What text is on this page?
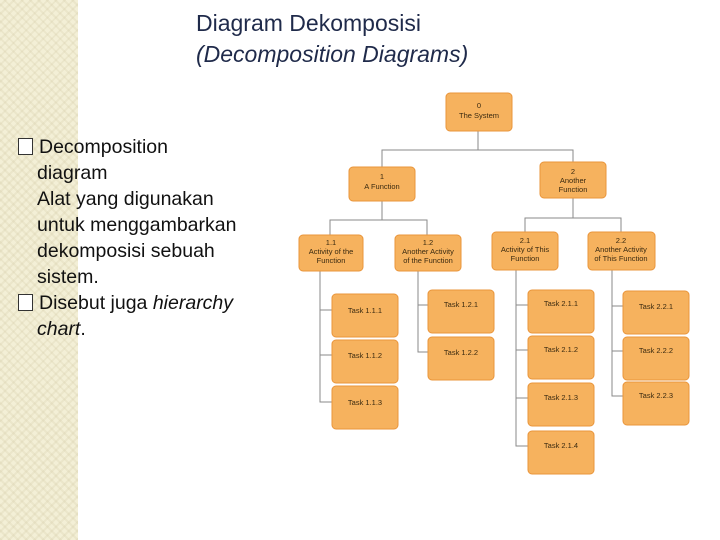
Diagram Dekomposisi
(Decomposition Diagrams)
Decomposition
diagram
Alat yang digunakan
untuk menggambarkan
dekomposisi sebuah
sistem.
Disebut juga hierarchy
chart.
0
The System
1
A Function
2
Another
Function
1.1
Activity of the
Function
1.2
Another Activity
of the Function
2.1
Activity of This
Function
2.2
Another Activity
of This Function
Task 1.1.1
Task 1.1.2
Task 1.1.3
Task 1.2.1
Task 1.2.2
Task 2.1.1
Task 2.1.2
Task 2.1.3
Task 2.1.4
Task 2.2.1
Task 2.2.2
Task 2.2.3
